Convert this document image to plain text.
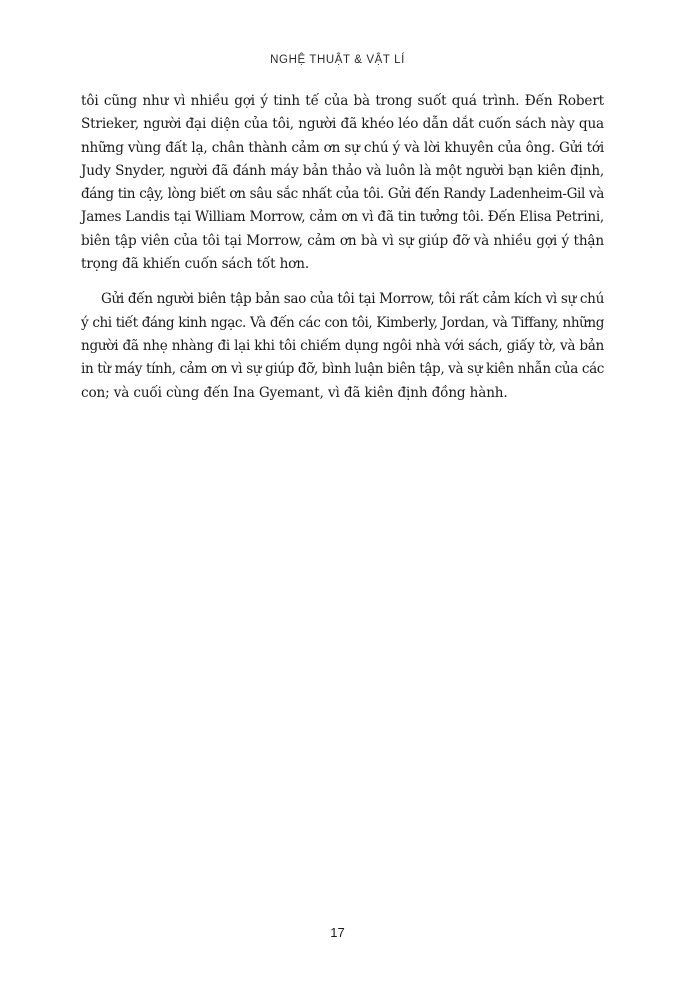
NGHỆ THUẬT & VẬT LÍ
tôi cũng như vì nhiều gợi ý tinh tế của bà trong suốt quá trình. Đến Robert
Strieker, người đại diện của tôi, người đã khéo léo dẫn dắt cuốn sách này qua
những vùng đất lạ, chân thành cảm ơn sự chú ý và lời khuyên của ông. Gửi tới
Judy Snyder, người đã đánh máy bản thảo và luôn là một người bạn kiên định,
đáng tin cậy, lòng biết ơn sâu sắc nhất của tôi. Gửi đến Randy Ladenheim-Gil và
James Landis tại William Morrow, cảm ơn vì đã tin tưởng tôi. Đến Elisa Petrini,
biên tập viên của tôi tại Morrow, cảm ơn bà vì sự giúp đỡ và nhiều gợi ý thận
trọng đã khiến cuốn sách tốt hơn.
Gửi đến người biên tập bản sao của tôi tại Morrow, tôi rất cảm kích vì sự chú
ý chi tiết đáng kinh ngạc. Và đến các con tôi, Kimberly, Jordan, và Tiffany, những
người đã nhẹ nhàng đi lại khi tôi chiếm dụng ngôi nhà với sách, giấy tờ, và bản
in từ máy tính, cảm ơn vì sự giúp đỡ, bình luận biên tập, và sự kiên nhẫn của các
con; và cuối cùng đến Ina Gyemant, vì đã kiên định đồng hành.
17
